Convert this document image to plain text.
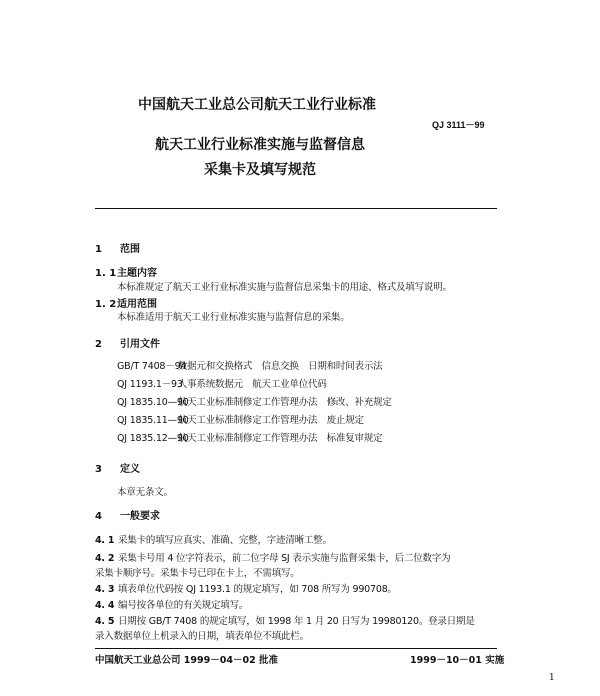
中国航天工业总公司航天工业行业标准
QJ 3111－99
航天工业行业标准实施与监督信息
采集卡及填写规范
1 范围
1. 1主题内容
本标准规定了航天工业行业标准实施与监督信息采集卡的用途、格式及填写说明。
1. 2适用范围
本标准适用于航天工业行业标准实施与监督信息的采集。
2 引用文件
GB/T 7408－94 数据元和交换格式　信息交换　日期和时间表示法
QJ 1193.1－93 人事系统数据元　航天工业单位代码
QJ 1835.10—90 航天工业标准制修定工作管理办法　修改、补充规定
QJ 1835.11—90 航天工业标准制修定工作管理办法　废止规定
QJ 1835.12—90 航天工业标准制修定工作管理办法　标准复审规定
3 定义
本章无条文。
4 一般要求
4. 1 采集卡的填写应真实、准确、完整，字迹清晰工整。
4. 2 采集卡号用 4 位字符表示，前二位字母 SJ 表示实施与监督采集卡，后二位数字为
采集卡顺序号。采集卡号已印在卡上，不需填写。
4. 3 填表单位代码按 QJ 1193.1 的规定填写，如 708 所写为 990708。
4. 4 编号按各单位的有关规定填写。
4. 5 日期按 GB/T 7408 的规定填写，如 1998 年 1 月 20 日写为 19980120。登录日期是
录入数据单位上机录入的日期，填表单位不填此栏。
中国航天工业总公司 1999－04－02 批准	1999－10－01 实施
1
